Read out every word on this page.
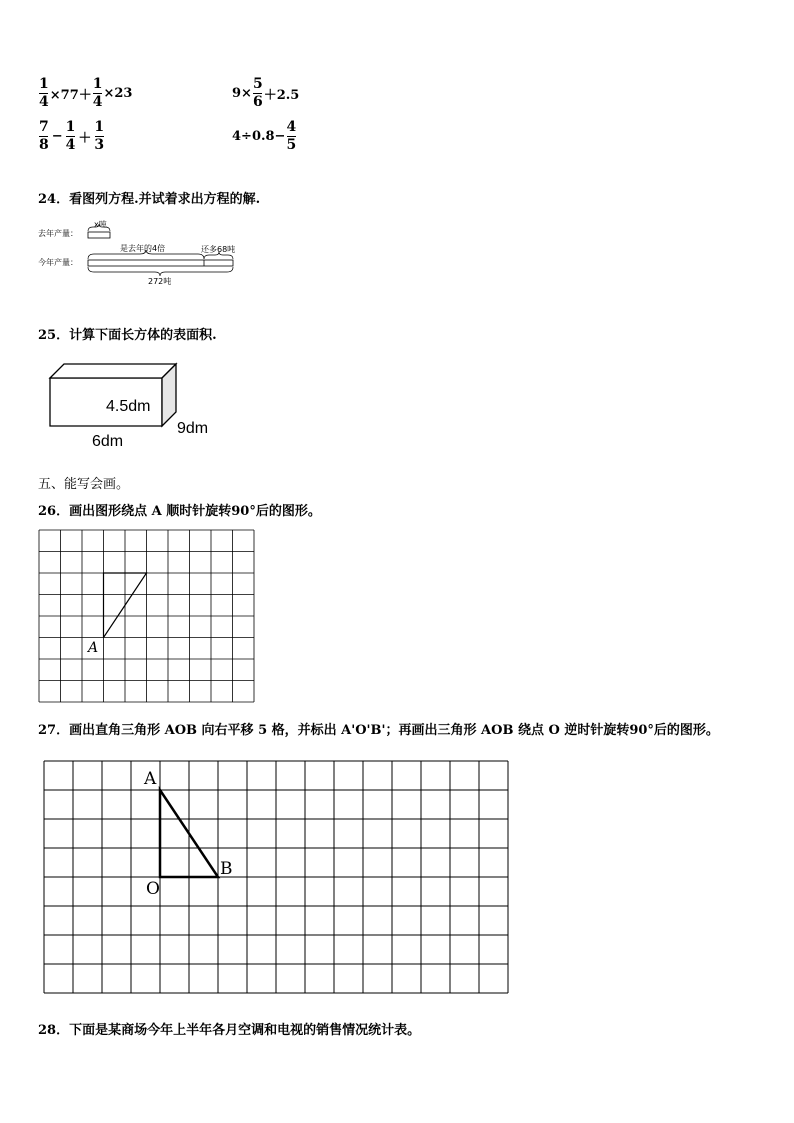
$\frac{1}{4} \times 77+ \frac{1}{4} \times 23$	$9\times \frac{5}{6} +2.5$
$\frac{7}{8} - \frac{1}{4} + \frac{1}{3}$	$4\div 0.8- \frac{4}{5}$
24．看图列方程.并试着求出方程的解.
去年产量：
x吨
今年产量：
是去年的4倍	还多68吨
272吨
25．计算下面长方体的表面积.
4.5dm
6dm
9dm
五、能写会画。
26．画出图形绕点 A 顺时针旋转90°后的图形。
A
27．画出直角三角形 AOB 向右平移 5 格，并标出 A'O'B'；再画出三角形 AOB 绕点 O 逆时针旋转90°后的图形。
A
O
B
28．下面是某商场今年上半年各月空调和电视的销售情况统计表。
